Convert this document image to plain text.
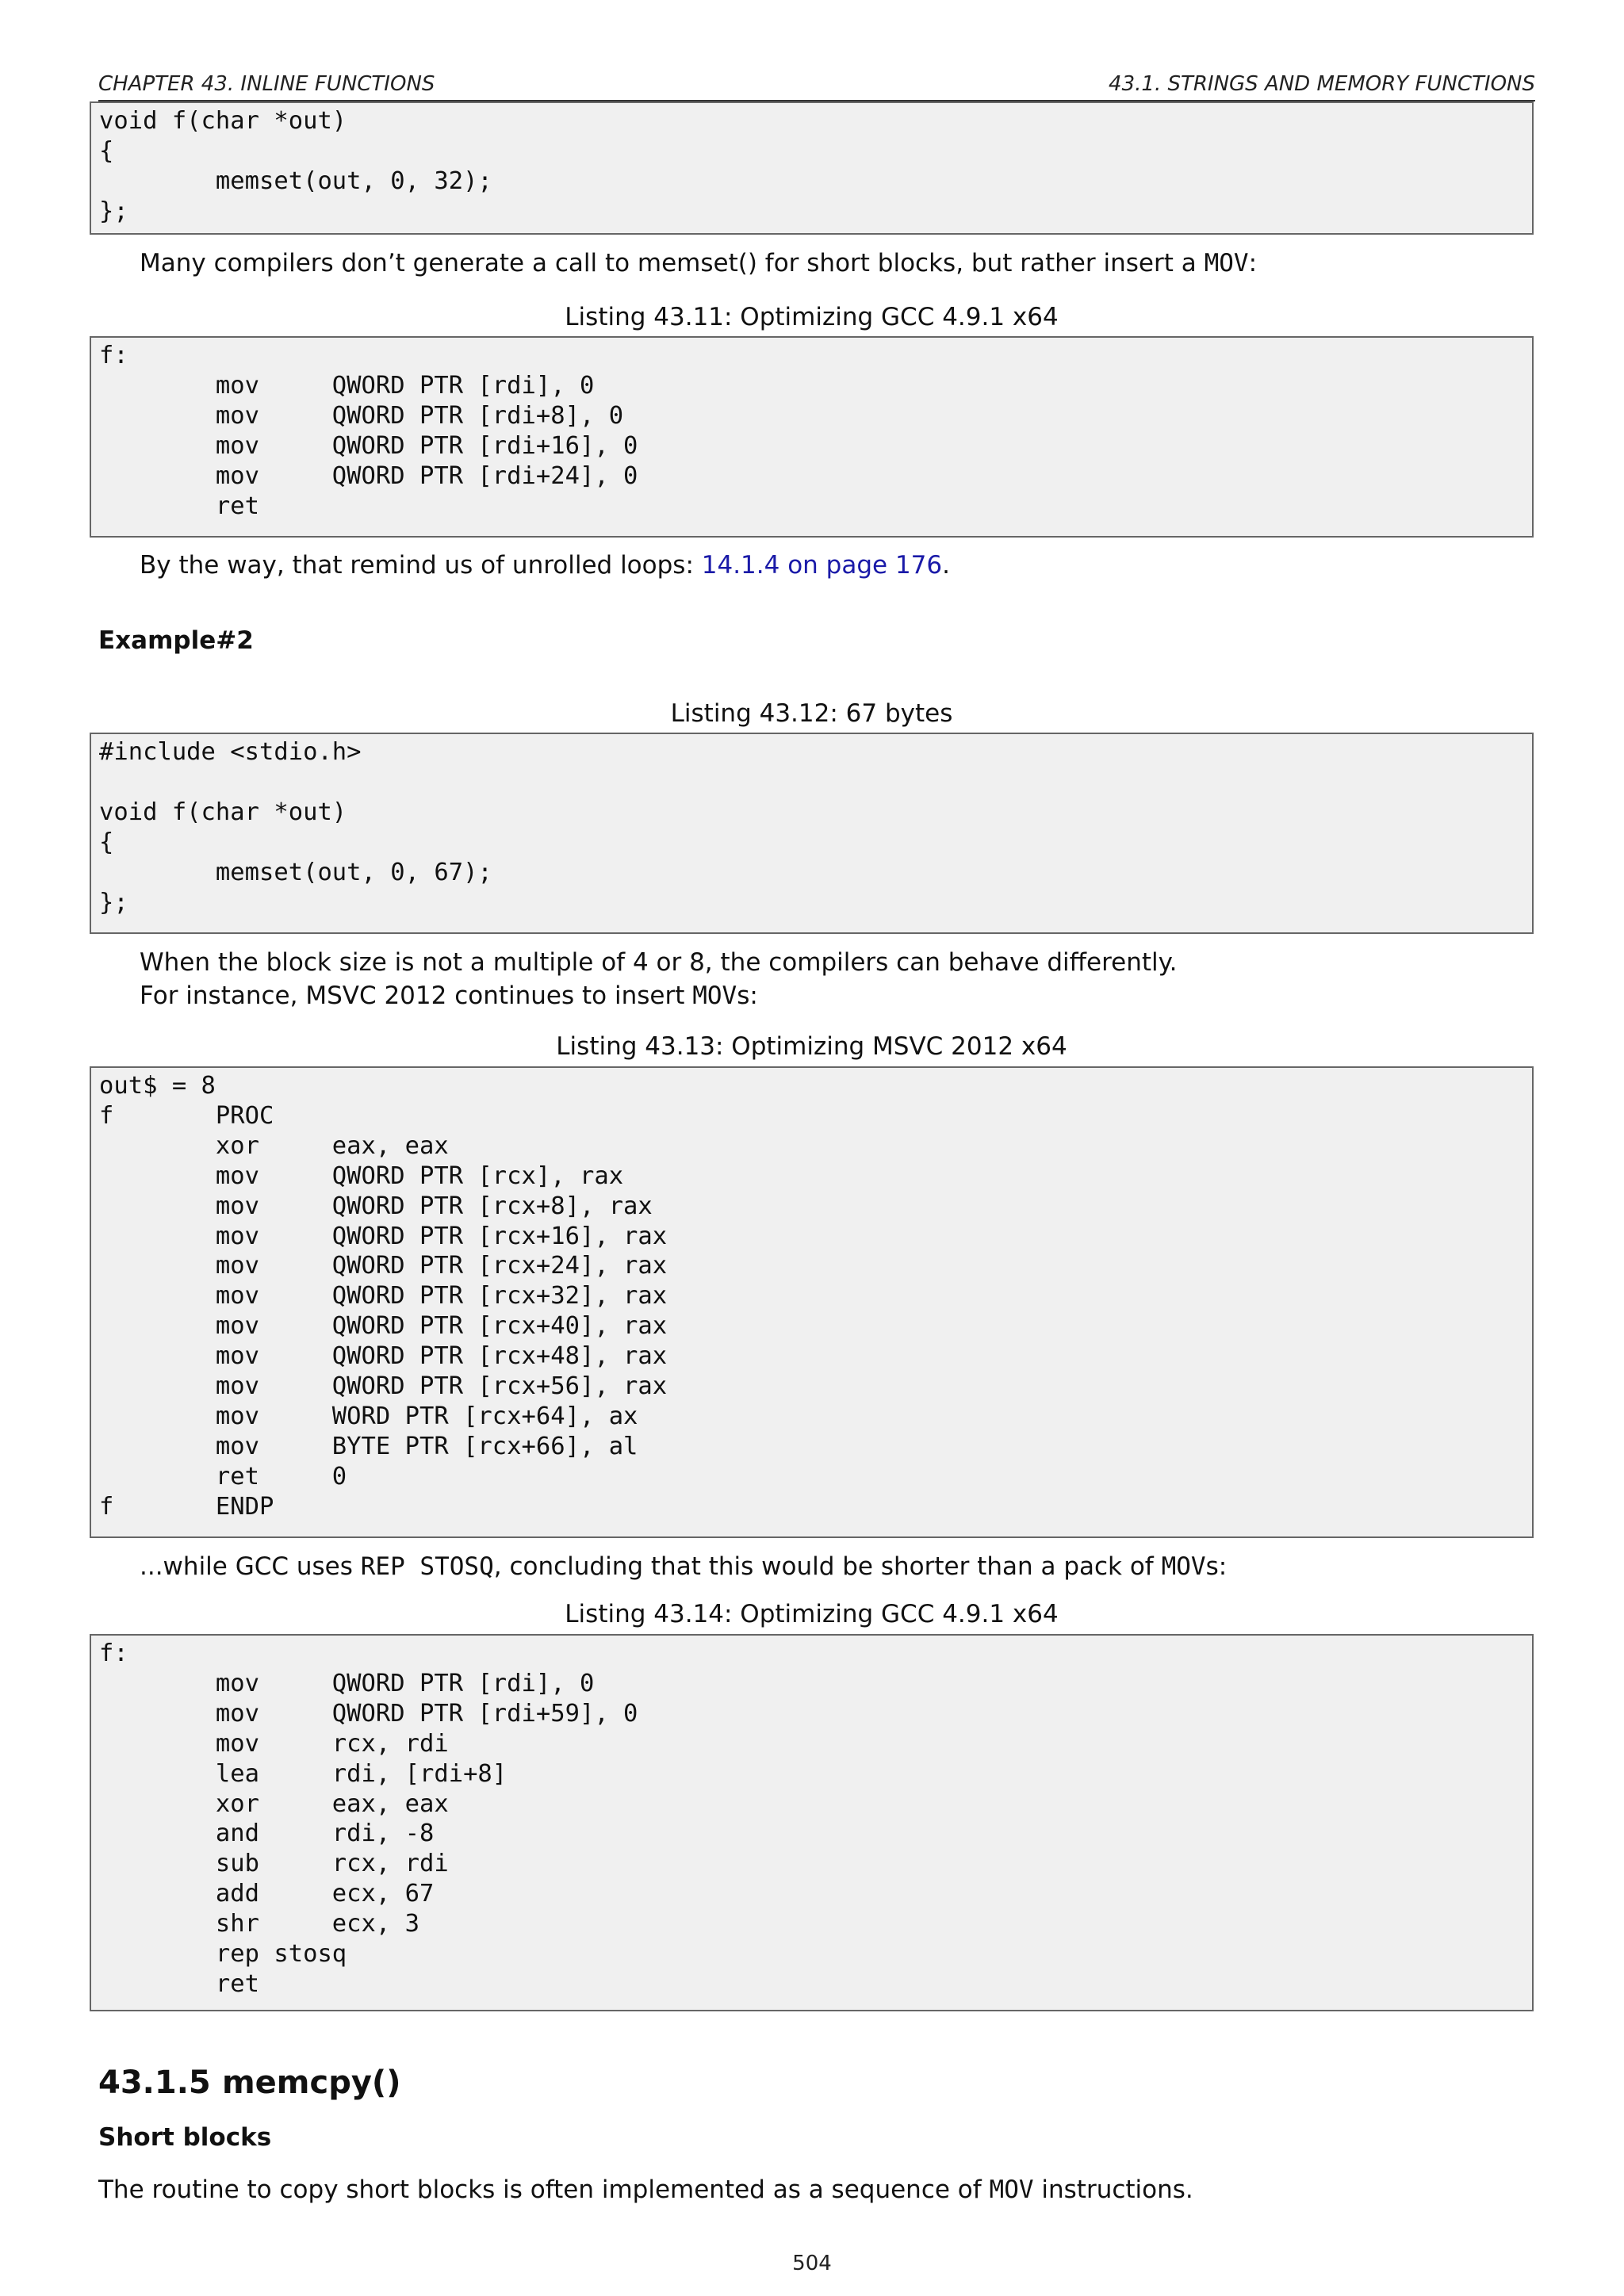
CHAPTER 43. INLINE FUNCTIONS	43.1. STRINGS AND MEMORY FUNCTIONS
void f(char *out)
{
memset(out, 0, 32);
};
Many compilers don’t generate a call to memset() for short blocks, but rather insert a MOV:
Listing 43.11: Optimizing GCC 4.9.1 x64
f:
mov     QWORD PTR [rdi], 0
mov     QWORD PTR [rdi+8], 0
mov     QWORD PTR [rdi+16], 0
mov     QWORD PTR [rdi+24], 0
ret
By the way, that remind us of unrolled loops: 14.1.4 on page 176.
Example#2
Listing 43.12: 67 bytes
#include <stdio.h>

void f(char *out)
{
memset(out, 0, 67);
};
When the block size is not a multiple of 4 or 8, the compilers can behave differently.
For instance, MSVC 2012 continues to insert MOVs:
Listing 43.13: Optimizing MSVC 2012 x64
out$ = 8
f       PROC
xor     eax, eax
mov     QWORD PTR [rcx], rax
mov     QWORD PTR [rcx+8], rax
mov     QWORD PTR [rcx+16], rax
mov     QWORD PTR [rcx+24], rax
mov     QWORD PTR [rcx+32], rax
mov     QWORD PTR [rcx+40], rax
mov     QWORD PTR [rcx+48], rax
mov     QWORD PTR [rcx+56], rax
mov     WORD PTR [rcx+64], ax
mov     BYTE PTR [rcx+66], al
ret     0
f       ENDP
...while GCC uses REP STOSQ, concluding that this would be shorter than a pack of MOVs:
Listing 43.14: Optimizing GCC 4.9.1 x64
f:
mov     QWORD PTR [rdi], 0
mov     QWORD PTR [rdi+59], 0
mov     rcx, rdi
lea     rdi, [rdi+8]
xor     eax, eax
and     rdi, -8
sub     rcx, rdi
add     ecx, 67
shr     ecx, 3
rep stosq
ret
43.1.5 memcpy()
Short blocks
The routine to copy short blocks is often implemented as a sequence of MOV instructions.
504
